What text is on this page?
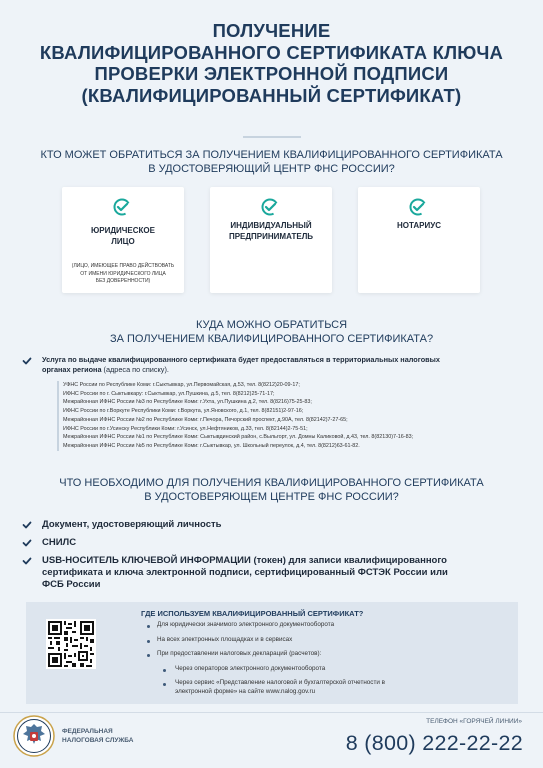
ПОЛУЧЕНИЕ
КВАЛИФИЦИРОВАННОГО СЕРТИФИКАТА КЛЮЧА
ПРОВЕРКИ ЭЛЕКТРОННОЙ ПОДПИСИ
(КВАЛИФИЦИРОВАННЫЙ СЕРТИФИКАТ)
КТО МОЖЕТ ОБРАТИТЬСЯ ЗА ПОЛУЧЕНИЕМ КВАЛИФИЦИРОВАННОГО СЕРТИФИКАТА
В УДОСТОВЕРЯЮЩИЙ ЦЕНТР ФНС РОССИИ?
ЮРИДИЧЕСКОЕ
ЛИЦО
(ЛИЦО, ИМЕЮЩЕЕ ПРАВО ДЕЙСТВОВАТЬ
ОТ ИМЕНИ ЮРИДИЧЕСКОГО ЛИЦА
БЕЗ ДОВЕРЕННОСТИ)
ИНДИВИДУАЛЬНЫЙ
ПРЕДПРИНИМАТЕЛЬ
НОТАРИУС
КУДА МОЖНО ОБРАТИТЬСЯ
ЗА ПОЛУЧЕНИЕМ КВАЛИФИЦИРОВАННОГО СЕРТИФИКАТА?
Услуга по выдаче квалифицированного сертификата будет предоставляться в территориальных налоговых
органах региона (адреса по списку).
УФНС России по Республике Коми: г.Сыктывкар, ул.Первомайская, д.53, тел. 8(8212)20-09-17;
ИФНС России по г. Сыктывкару: г.Сыктывкар, ул.Пушкина, д.5, тел. 8(8212)25-71-17;
Межрайонная ИФНС России №3 по Республике Коми: г.Ухта, ул.Пушкина д.2, тел. 8(8216)75-25-83;
ИФНС России по г.Воркуте Республики Коми: г.Воркута, ул.Яновского, д.1, тел. 8(82151)2-97-16;
Межрайонная ИФНС России №2 по Республике Коми: г.Печора, Печорский проспект, д.90А, тел. 8(82142)7-27-65;
ИФНС России по г.Усинску Республики Коми: г.Усинск, ул.Нефтяников, д.33, тел. 8(82144)2-75-51;
Межрайонная ИФНС России №1 по Республике Коми: Сыктывдинский район, с.Выльгорт, ул. Домны Каликовой, д.43, тел. 8(82130)7-16-83;
Межрайонная ИФНС России №5 по Республике Коми: г.Сыктывкар, ул. Школьный переулок, д.4, тел. 8(8212)63-61-82.
ЧТО НЕОБХОДИМО ДЛЯ ПОЛУЧЕНИЯ КВАЛИФИЦИРОВАННОГО СЕРТИФИКАТА
В УДОСТОВЕРЯЮЩЕМ ЦЕНТРЕ ФНС РОССИИ?
Документ, удостоверяющий личность
СНИЛС
USB-НОСИТЕЛЬ КЛЮЧЕВОЙ ИНФОРМАЦИИ (токен) для записи квалифицированного
сертификата и ключа электронной подписи, сертифицированный ФСТЭК России или
ФСБ России
ГДЕ ИСПОЛЬЗУЕМ КВАЛИФИЦИРОВАННЫЙ СЕРТИФИКАТ?
Для юридически значимого электронного документооборота
На всех электронных площадках и в сервисах
При предоставлении налоговых деклараций (расчетов):
Через операторов электронного документооборота
Через сервис «Представление налоговой и бухгалтерской отчетности в
электронной форме» на сайте www.nalog.gov.ru
ФЕДЕРАЛЬНАЯ
НАЛОГОВАЯ СЛУЖБА
ТЕЛЕФОН «ГОРЯЧЕЙ ЛИНИИ»
8 (800) 222-22-22
